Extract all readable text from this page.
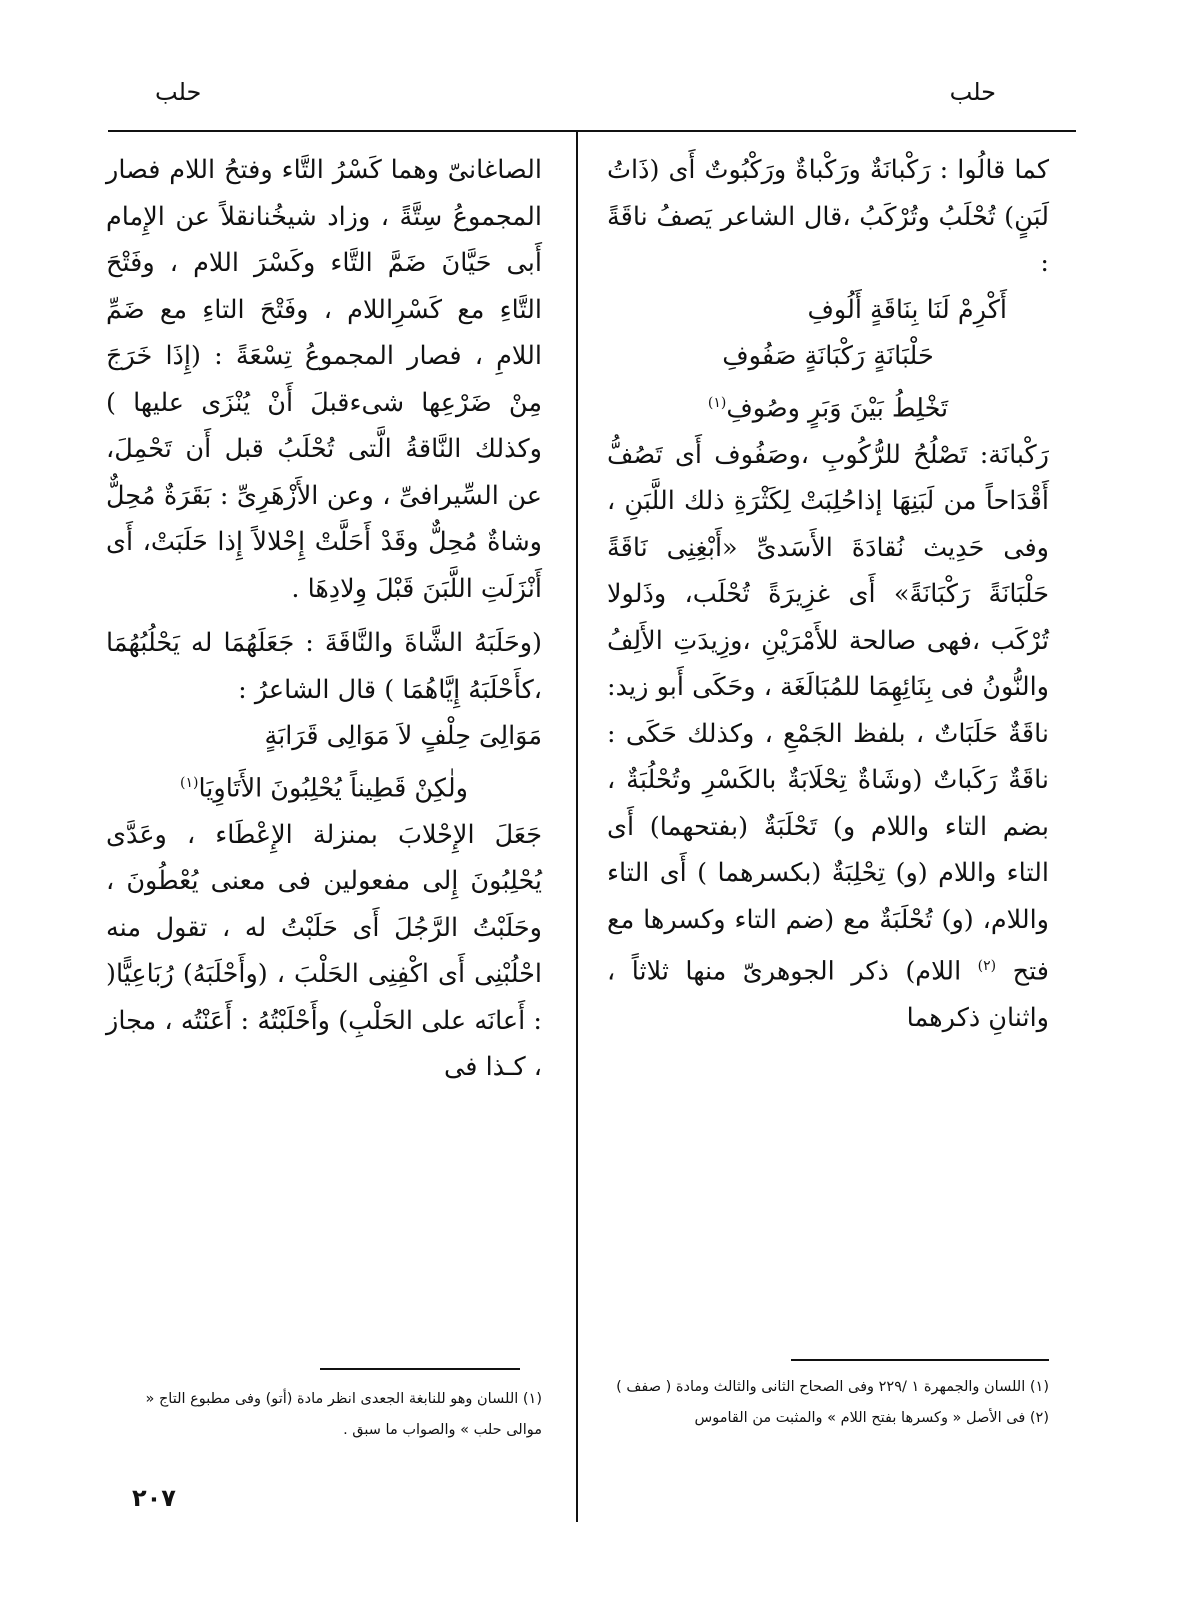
حلب
حلب

كما قالُوا : رَكْبانَةٌ ورَكْباةٌ ورَكْبُوتٌ أَى (ذَاتُ لَبَنٍ) تُحْلَبُ وتُرْكَبُ ،قال الشاعر يَصفُ ناقَةً :

أَكْرِمْ لَنَا بِنَاقَةٍ أَلُوفِ
حَلْبَانَةٍ رَكْبَانَةٍ صَفُوفِ
تَخْلِطُ بَيْنَ وَبَرٍ وصُوفِ$^{(١)}$

رَكْبانَة: تَصْلُحُ للرُّكُوبِ ،وصَفُوف أَى تَصُفُّ أَقْدَاحاً من لَبَنِهَا إذاحُلِبَتْ لِكَثْرَةِ ذلك اللَّبَنِ ، وفى حَدِيث نُقادَةَ الأَسَدىِّ «أَبْغِنِى نَاقَةً حَلْبَانَةً رَكْبَانَةً» أَى غزِيرَةً تُحْلَب، وذَلولا تُرْكَب ،فهى صالحة للأَمْرَيْنِ ،وزِيدَتِ الأَلِفُ والنُّونُ فى بِنَائِهِمَا للمُبَالَغَة ، وحَكَى أَبو زيد: ناقَةٌ حَلَبَاتٌ ، بلفظ الجَمْعِ ، وكذلك حَكَى : ناقَةٌ رَكَباتٌ (وشَاةٌ تِحْلَابَةٌ بالكَسْرِ وتُحْلُبَةٌ ، بضم التاء واللام و) تَحْلَبَةٌ (بفتحهما) أَى التاء واللام (و) تِحْلِبَةٌ (بكسرهما ) أَى التاء واللام، (و) تُحْلَبَةٌ مع (ضم التاء وكسرها مع فتح $^{(٢)}$ اللام) ذكر الجوهرىّ منها ثلاثاً ، واثنانِ ذكرهما

الصاغانىّ وهما كَسْرُ التَّاء وفتحُ اللام فصار المجموعُ سِتَّةً ، وزاد شيخُنانقلاً عن الإِمام أَبى حَيَّانَ ضَمَّ التَّاء وكَسْرَ اللام ، وفَتْحَ التَّاءِ مع كَسْرِاللام ، وفَتْحَ التاءِ مع ضَمِّ اللامِ ، فصار المجموعُ تِسْعَةً : (إِذَا خَرَجَ مِنْ ضَرْعِها شىءقبلَ أَنْ يُنْزَى عليها ) وكذلك النَّاقةُ الَّتى تُحْلَبُ قبل أَن تَحْمِلَ، عن السِّيرافىِّ ، وعن الأَزْهَرِىِّ : بَقَرَةٌ مُحِلٌّ وشاةٌ مُحِلٌّ وقَدْ أَحَلَّتْ إِحْلالاً إِذا حَلَبَتْ، أَى أَنْزَلَتِ اللَّبَنَ قَبْلَ وِلادِهَا .

(وحَلَبَهُ الشَّاةَ والنَّاقَةَ : جَعَلَهُمَا له يَحْلُبُهُمَا ،كأَحْلَبَهُ إِيَّاهُمَا ) قال الشاعرُ :

مَوَالِىَ حِلْفٍ لاَ مَوَالِى قَرَابَةٍ
ولٰكِنْ قَطِيناً يُحْلِبُونَ الأَتَاوِيَا$^{(١)}$

جَعَلَ الإِحْلابَ بمنزلة الإِعْطَاء ، وعَدَّى يُحْلِبُونَ إِلى مفعولين فى معنى يُعْطُونَ ، وحَلَبْتُ الرَّجُلَ أَى حَلَبْتُ له ، تقول منه احْلُبْنِى أَى اكْفِنِى الحَلْبَ ، (وأَحْلَبَهُ) رُبَاعِيًّا( : أَعانَه على الحَلْبِ) وأَحْلَبْتُهُ : أَعَنْتُه ، مجاز ، كـذا فى

(١) اللسان والجمهرة ١ /٢٢٩ وفى الصحاح الثانى والثالث ومادة ( صفف )

(٢) فى الأصل « وكسرها بفتح اللام » والمثبت من القاموس

(١) اللسان وهو للنابغة الجعدى انظر مادة (أتو) وفى مطبوع التاج « موالى حلب » والصواب ما سبق .

٢٠٧
